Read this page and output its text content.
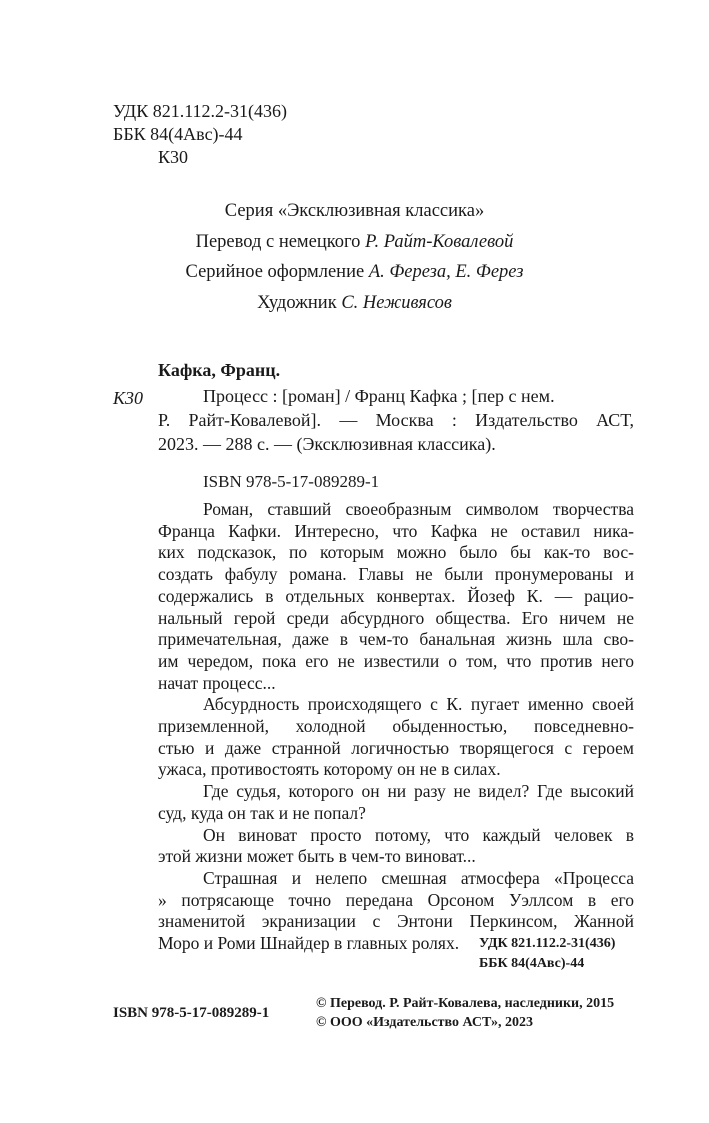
УДК 821.112.2-31(436)
ББК 84(4Авс)-44
К30
Серия «Эксклюзивная классика»
Перевод с немецкого Р. Райт-Ковалевой
Серийное оформление А. Фереза, Е. Ферез
Художник С. Неживясов
Кафка, Франц.
К30	Процесс : [роман] / Франц Кафка ; [пер с нем.
Р. Райт-Ковалевой]. — Москва : Издательство АСТ,
2023. — 288 с. — (Эксклюзивная классика).
ISBN 978-5-17-089289-1
Роман, ставший своеобразным символом творчества
Франца Кафки. Интересно, что Кафка не оставил ника-
ких подсказок, по которым можно было бы как-то вос-
создать фабулу романа. Главы не были пронумерованы и
содержались в отдельных конвертах. Йозеф К. — рацио-
нальный герой среди абсурдного общества. Его ничем не
примечательная, даже в чем-то банальная жизнь шла сво-
им чередом, пока его не известили о том, что против него
начат процесс...
Абсурдность происходящего с К. пугает именно своей
приземленной, холодной обыденностью, повседневно-
стью и даже странной логичностью творящегося с героем
ужаса, противостоять которому он не в силах.
Где судья, которого он ни разу не видел? Где высокий
суд, куда он так и не попал?
Он виноват просто потому, что каждый человек в
этой жизни может быть в чем-то виноват...
Страшная и нелепо смешная атмосфера «Процесса
» потрясающе точно передана Орсоном Уэллсом в его
знаменитой экранизации с Энтони Перкинсом, Жанной
Моро и Роми Шнайдер в главных ролях.	УДК 821.112.2-31(436)
ББК 84(4Авс)-44
ISBN 978-5-17-089289-1
© Перевод. Р. Райт-Ковалева, наследники, 2015
© ООО «Издательство АСТ», 2023
